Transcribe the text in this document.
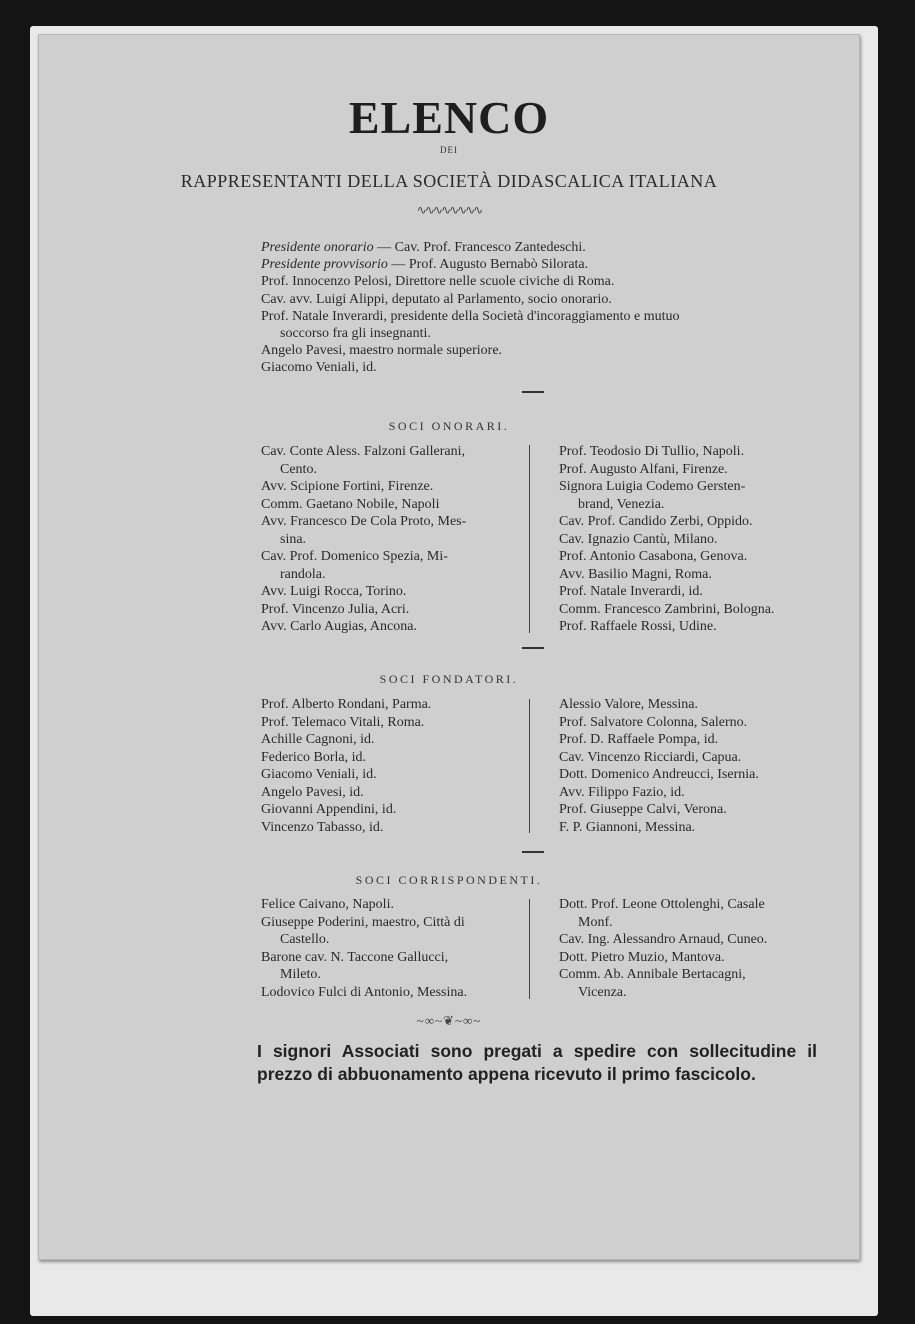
ELENCO
DEI
RAPPRESENTANTI DELLA SOCIETÀ DIDASCALICA ITALIANA
∿∿∿∿∿∿∿∿
Presidente onorario — Cav. Prof. Francesco Zantedeschi.
Presidente provvisorio — Prof. Augusto Bernabò Silorata.
Prof. Innocenzo Pelosi, Direttore nelle scuole civiche di Roma.
Cav. avv. Luigi Alippi, deputato al Parlamento, socio onorario.
Prof. Natale Inverardi, presidente della Società d'incoraggiamento e mutuo
soccorso fra gli insegnanti.
Angelo Pavesi, maestro normale superiore.
Giacomo Veniali, id.
SOCI ONORARI.
Cav. Conte Aless. Falzoni Gallerani,
Cento.
Avv. Scipione Fortini, Firenze.
Comm. Gaetano Nobile, Napoli
Avv. Francesco De Cola Proto, Mes-
sina.
Cav. Prof. Domenico Spezia, Mi-
randola.
Avv. Luigi Rocca, Torino.
Prof. Vincenzo Julia, Acri.
Avv. Carlo Augias, Ancona.
Prof. Teodosio Di Tullio, Napoli.
Prof. Augusto Alfani, Firenze.
Signora Luigia Codemo Gersten-
brand, Venezia.
Cav. Prof. Candido Zerbi, Oppido.
Cav. Ignazio Cantù, Milano.
Prof. Antonio Casabona, Genova.
Avv. Basilio Magni, Roma.
Prof. Natale Inverardi, id.
Comm. Francesco Zambrini, Bologna.
Prof. Raffaele Rossi, Udine.
SOCI FONDATORI.
Prof. Alberto Rondani, Parma.
Prof. Telemaco Vitali, Roma.
Achille Cagnoni, id.
Federico Borla, id.
Giacomo Veniali, id.
Angelo Pavesi, id.
Giovanni Appendini, id.
Vincenzo Tabasso, id.
Alessio Valore, Messina.
Prof. Salvatore Colonna, Salerno.
Prof. D. Raffaele Pompa, id.
Cav. Vincenzo Ricciardi, Capua.
Dott. Domenico Andreucci, Isernia.
Avv. Filippo Fazio, id.
Prof. Giuseppe Calvi, Verona.
F. P. Giannoni, Messina.
SOCI CORRISPONDENTI.
Felice Caivano, Napoli.
Giuseppe Poderini, maestro, Città di
Castello.
Barone cav. N. Taccone Gallucci,
Mileto.
Lodovico Fulci di Antonio, Messina.
Dott. Prof. Leone Ottolenghi, Casale
Monf.
Cav. Ing. Alessandro Arnaud, Cuneo.
Dott. Pietro Muzio, Mantova.
Comm. Ab. Annibale Bertacagni,
Vicenza.
~∞~❦~∞~
I signori Associati sono pregati a spedire con sollecitudine il prezzo di abbuonamento appena ricevuto il primo fascicolo.
